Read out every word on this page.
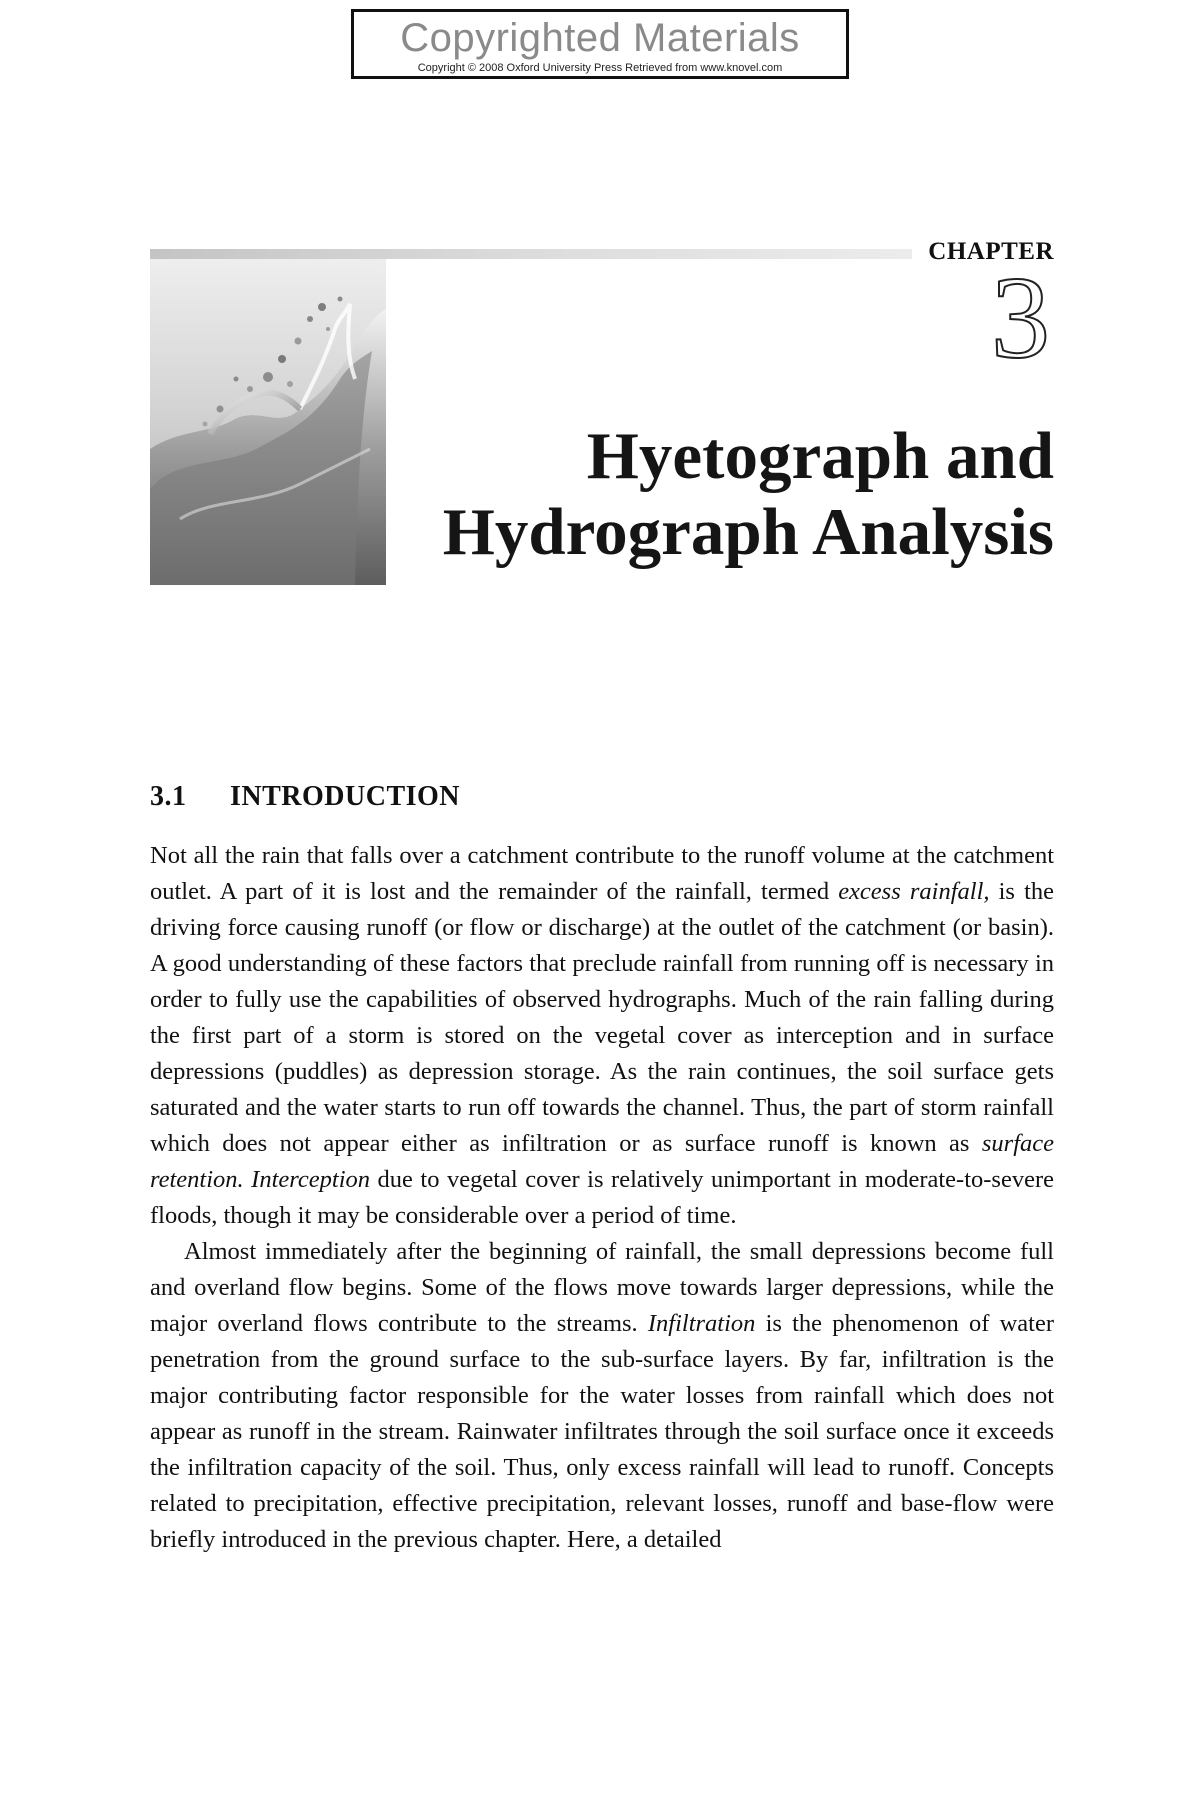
Copyrighted Materials
Copyright © 2008 Oxford University Press Retrieved from www.knovel.com
CHAPTER
3
Hyetograph and
Hydrograph Analysis
3.1 INTRODUCTION

Not all the rain that falls over a catchment contribute to the runoff volume at the catchment outlet. A part of it is lost and the remainder of the rainfall, termed excess rainfall, is the driving force causing runoff (or flow or discharge) at the outlet of the catchment (or basin). A good understanding of these factors that preclude rainfall from running off is necessary in order to fully use the capabilities of observed hydrographs. Much of the rain falling during the first part of a storm is stored on the vegetal cover as interception and in surface depressions (puddles) as depression storage. As the rain continues, the soil surface gets saturated and the water starts to run off towards the channel. Thus, the part of storm rainfall which does not appear either as infiltration or as surface runoff is known as surface retention. Interception due to vegetal cover is relatively unimportant in moderate-to-severe floods, though it may be considerable over a period of time.

Almost immediately after the beginning of rainfall, the small depressions become full and overland flow begins. Some of the flows move towards larger depressions, while the major overland flows contribute to the streams. Infiltration is the phenomenon of water penetration from the ground surface to the sub-surface layers. By far, infiltration is the major contributing factor responsible for the water losses from rainfall which does not appear as runoff in the stream. Rainwater infiltrates through the soil surface once it exceeds the infiltration capacity of the soil. Thus, only excess rainfall will lead to runoff. Concepts related to precipitation, effective precipitation, relevant losses, runoff and base-flow were briefly introduced in the previous chapter. Here, a detailed
